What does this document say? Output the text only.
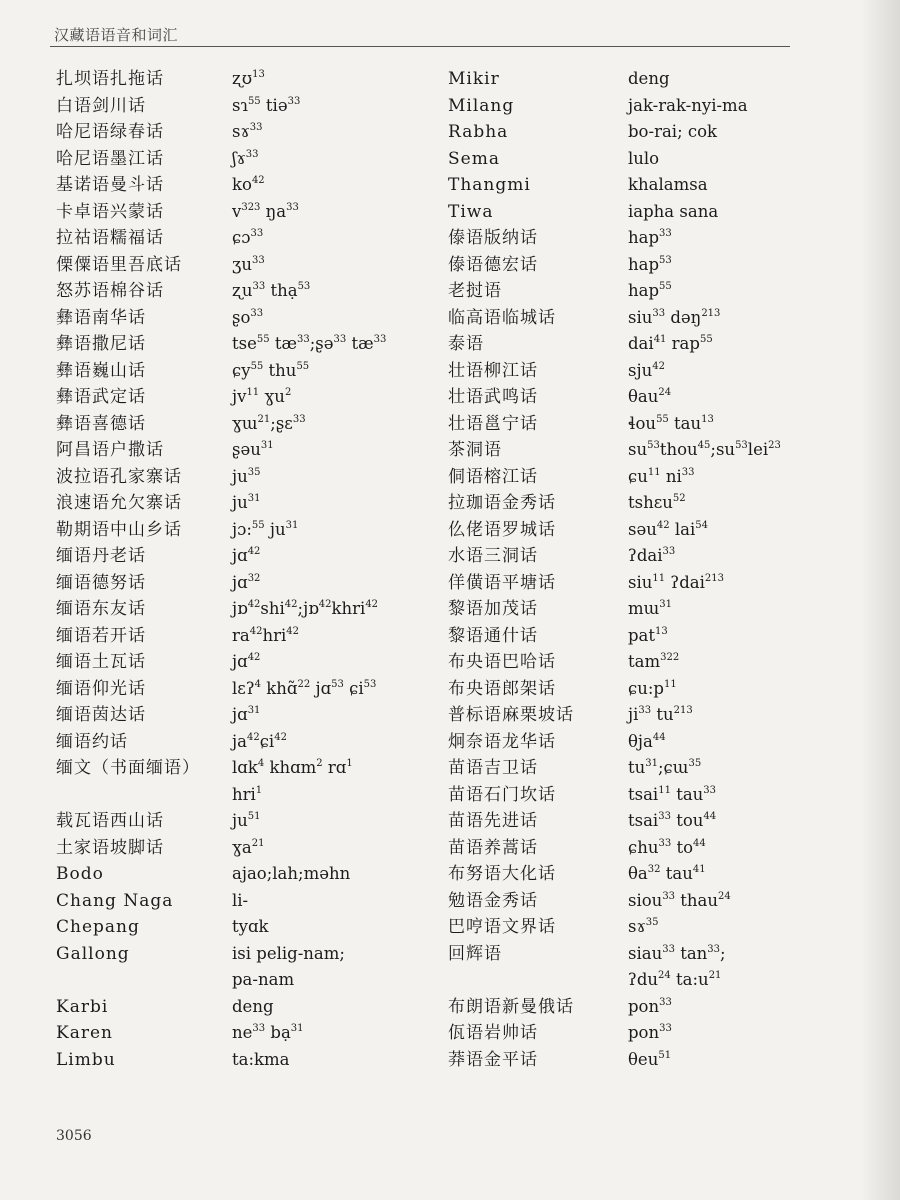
汉藏语语音和词汇
扎坝语扎拖话
白语剑川话
哈尼语绿春话
哈尼语墨江话
基诺语曼斗话
卡卓语兴蒙话
拉祜语糯福话
傈僳语里吾底话
怒苏语棉谷话
彝语南华话
彝语撒尼话
彝语巍山话
彝语武定话
彝语喜德话
阿昌语户撒话
波拉语孔家寨话
浪速语允欠寨话
勒期语中山乡话
缅语丹老话
缅语德努话
缅语东友话
缅语若开话
缅语土瓦话
缅语仰光话
缅语茵达话
缅语约话
缅文（书面缅语）
载瓦语西山话
土家语坡脚话
Bodo
Chang Naga
Chepang
Gallong
Karbi
Karen
Limbu
ʐʊ$^{13}$
sɿ$^{55}$ tiə$^{33}$
sɤ$^{33}$
ʃɤ$^{33}$
$ko^{42}$
$v^{323}$ $ŋa^{33}$
ɕɔ$^{33}$
ʒu$^{33}$
ʐu$^{33}$ thạ$^{53}$
ʂo$^{33}$
tse$^{55}$ $tæ^{33};ʂə^{33}$ $tæ^{33}$
ɕy$^{55}$ thu$^{55}$
$jv^{11}$ ɣu$^2$
ɣɯ$^{21}$;ʂɛ$^{33}$
ʂəu$^{31}$
$ju^{35}$
$ju^{31}$
jɔ:$^{55}$ $ju^{31}$
jɑ$^{42}$
jɑ$^{32}$
jɒ$^{42}$shi$^{42}$;jɒ$^{42}$khri$^{42}$
$ra^{42}hri^{42}$
jɑ$^{42}$
lɛʔ$^4$ khɑ̃$^{22}$ jɑ$^{53}$ ɕi$^{53}$
jɑ$^{31}$
$ja^{42}ɕi^{42}$
lɑk$^4$ khɑm$^2$ rɑ$^1$
hri$^1$
$ju^{51}$
ɣa$^{21}$
ajao;lah;məhn
li-
tyɑk
isi pelig-nam;
pa-nam
deng
$ne^{33}$ bạ$^{31}$
ta:kma
Mikir
Milang
Rabha
Sema
Thangmi
Tiwa
傣语版纳话
傣语德宏话
老挝语
临高语临城话
泰语
壮语柳江话
壮语武鸣话
壮语邕宁话
茶洞语
侗语榕江话
拉珈语金秀话
仫佬语罗城话
水语三洞话
佯僙语平塘话
黎语加茂话
黎语通什话
布央语巴哈话
布央语郎架话
普标语麻栗坡话
炯奈语龙华话
苗语吉卫话
苗语石门坎话
苗语先进话
苗语养蒿话
布努语大化话
勉语金秀话
巴哼语文界话
回辉语
布朗语新曼俄话
佤语岩帅话
莽语金平话
deng
jak-rak-nyi-ma
bo-rai; cok
lulo
khalamsa
iapha sana
hap$^{33}$
hap$^{53}$
hap$^{55}$
siu$^{33}$ dəŋ$^{213}$
dai$^{41}$ rap$^{55}$
sju$^{42}$
θau$^{24}$
ɬou$^{55}$ tau$^{13}$
$su^{53}thou^{45};su^{53}lei^{23}$
ɕu$^{11}$ $ni^{33}$
tshɛu$^{52}$
səu$^{42}$ lai$^{54}$
ʔdai$^{33}$
siu$^{11}$ ʔdai$^{213}$
mɯ$^{31}$
pat$^{13}$
tam$^{322}$
$ɕu:p^{11}$
$ji^{33}$ $tu^{213}$
θja$^{44}$
$tu^{31};ɕɯ^{35}$
tsai$^{11}$ tau$^{33}$
tsai$^{33}$ tou$^{44}$
ɕhu$^{33}$ $to^{44}$
$\theta a^{32}$ tau$^{41}$
siou$^{33}$ thau$^{24}$
sɤ$^{35}$
siau$^{33}$ $\tan^{33}$;
ʔdu$^{24}$ $ta:u^{21}$
pon$^{33}$
pon$^{33}$
θeu$^{51}$
3056
